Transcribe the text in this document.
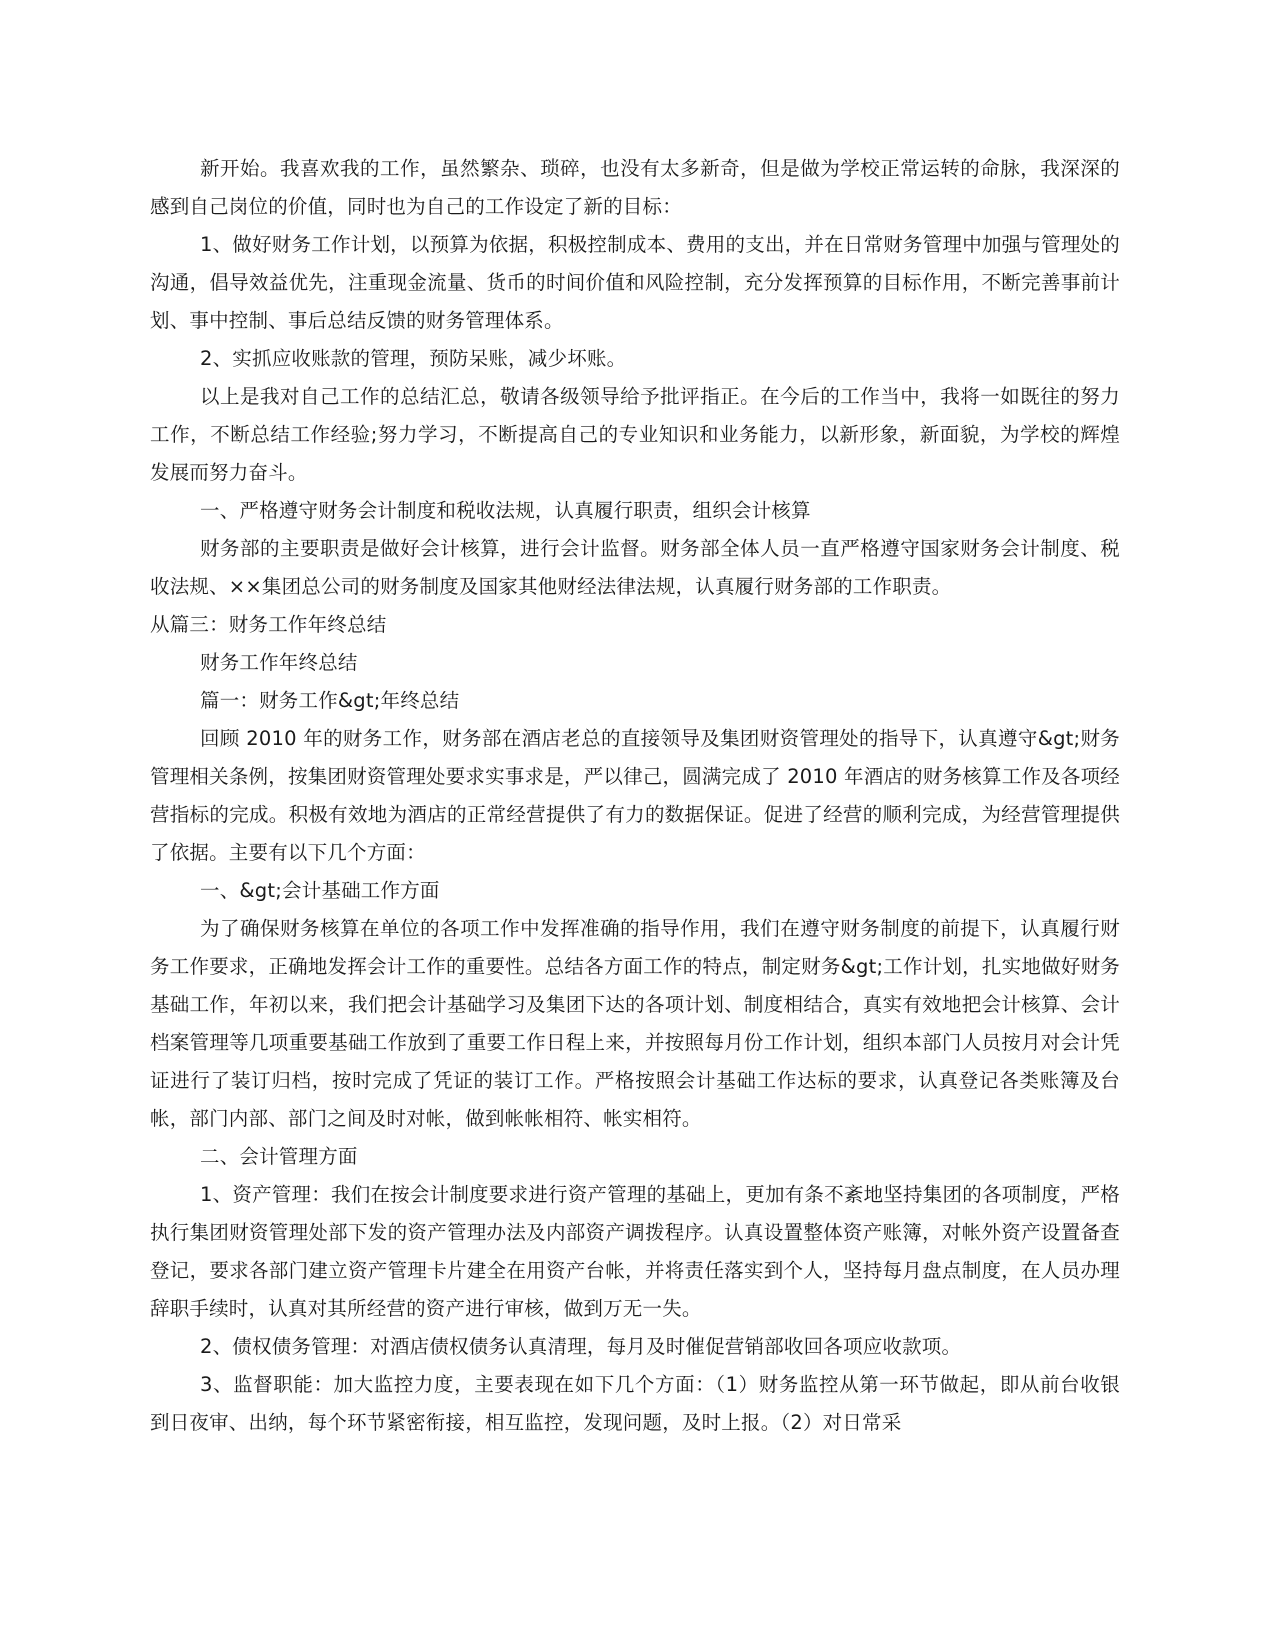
新开始。我喜欢我的工作，虽然繁杂、琐碎，也没有太多新奇，但是做为学校正常运转的命脉，我深深的感到自己岗位的价值，同时也为自己的工作设定了新的目标：

1、做好财务工作计划，以预算为依据，积极控制成本、费用的支出，并在日常财务管理中加强与管理处的沟通，倡导效益优先，注重现金流量、货币的时间价值和风险控制，充分发挥预算的目标作用，不断完善事前计划、事中控制、事后总结反馈的财务管理体系。

2、实抓应收账款的管理，预防呆账，减少坏账。

以上是我对自己工作的总结汇总，敬请各级领导给予批评指正。在今后的工作当中，我将一如既往的努力工作，不断总结工作经验;努力学习，不断提高自己的专业知识和业务能力，以新形象，新面貌，为学校的辉煌发展而努力奋斗。

一、严格遵守财务会计制度和税收法规，认真履行职责，组织会计核算

财务部的主要职责是做好会计核算，进行会计监督。财务部全体人员一直严格遵守国家财务会计制度、税收法规、××集团总公司的财务制度及国家其他财经法律法规，认真履行财务部的工作职责。

从篇三：财务工作年终总结

财务工作年终总结

篇一：财务工作&gt;年终总结

回顾 2010 年的财务工作，财务部在酒店老总的直接领导及集团财资管理处的指导下，认真遵守&gt;财务管理相关条例，按集团财资管理处要求实事求是，严以律己，圆满完成了 2010 年酒店的财务核算工作及各项经营指标的完成。积极有效地为酒店的正常经营提供了有力的数据保证。促进了经营的顺利完成，为经营管理提供了依据。主要有以下几个方面：

一、&gt;会计基础工作方面

为了确保财务核算在单位的各项工作中发挥准确的指导作用，我们在遵守财务制度的前提下，认真履行财务工作要求，正确地发挥会计工作的重要性。总结各方面工作的特点，制定财务&gt;工作计划，扎实地做好财务基础工作，年初以来，我们把会计基础学习及集团下达的各项计划、制度相结合，真实有效地把会计核算、会计档案管理等几项重要基础工作放到了重要工作日程上来，并按照每月份工作计划，组织本部门人员按月对会计凭证进行了装订归档，按时完成了凭证的装订工作。严格按照会计基础工作达标的要求，认真登记各类账簿及台帐，部门内部、部门之间及时对帐，做到帐帐相符、帐实相符。

二、会计管理方面

1、资产管理：我们在按会计制度要求进行资产管理的基础上，更加有条不紊地坚持集团的各项制度，严格执行集团财资管理处部下发的资产管理办法及内部资产调拨程序。认真设置整体资产账簿，对帐外资产设置备查登记，要求各部门建立资产管理卡片建全在用资产台帐，并将责任落实到个人，坚持每月盘点制度，在人员办理辞职手续时，认真对其所经营的资产进行审核，做到万无一失。

2、债权债务管理：对酒店债权债务认真清理，每月及时催促营销部收回各项应收款项。

3、监督职能：加大监控力度，主要表现在如下几个方面：（1）财务监控从第一环节做起，即从前台收银到日夜审、出纳，每个环节紧密衔接，相互监控，发现问题，及时上报。（2）对日常采
